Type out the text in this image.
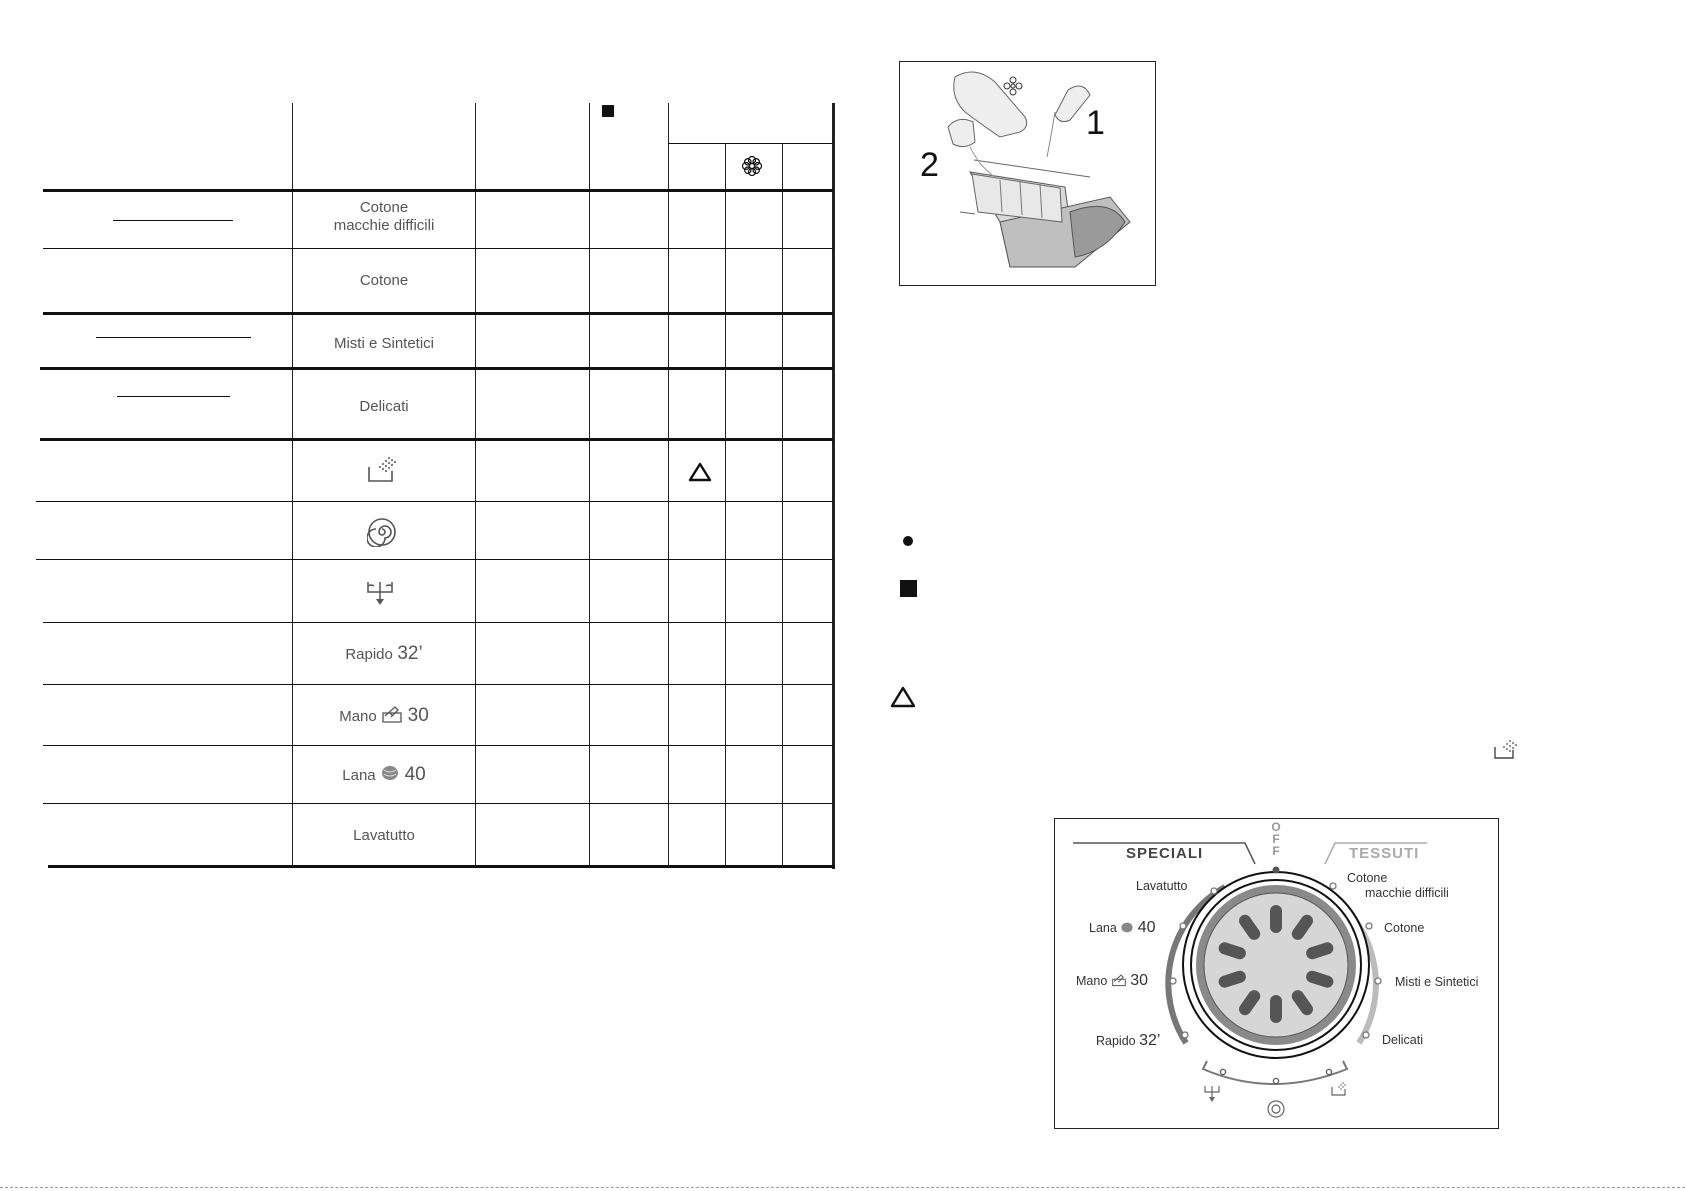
Cotone
macchie difficili
Cotone
Misti e Sintetici
Delicati
Rapido 32’
Mano 30
Lana 40
Lavatutto
1
2
SPECIALI	TESSUTI
O
F
F
Lavatutto
Lana 40
Mano 30
Rapido 32’
Cotone
macchie difficili
Cotone
Misti e Sintetici
Delicati
